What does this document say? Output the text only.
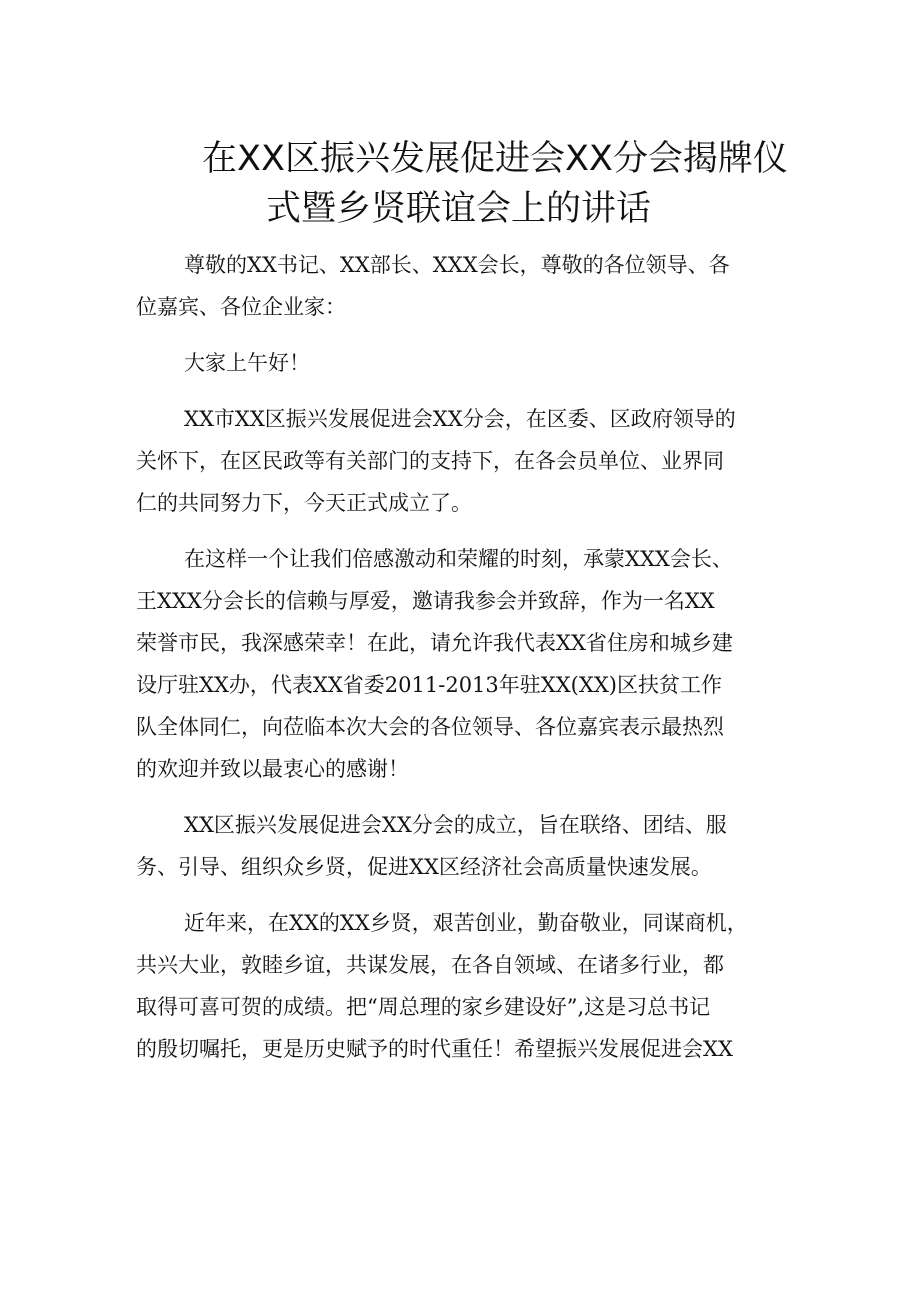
在XX区振兴发展促进会XX分会揭牌仪
式暨乡贤联谊会上的讲话
尊敬的XX书记、XX部长、XXX会长，尊敬的各位领导、各
位嘉宾、各位企业家：
大家上午好！
XX市XX区振兴发展促进会XX分会，在区委、区政府领导的
关怀下，在区民政等有关部门的支持下，在各会员单位、业界同
仁的共同努力下，今天正式成立了。
在这样一个让我们倍感激动和荣耀的时刻，承蒙XXX会长、
王XXX分会长的信赖与厚爱，邀请我参会并致辞，作为一名XX
荣誉市民，我深感荣幸！在此，请允许我代表XX省住房和城乡建
设厅驻XX办，代表XX省委2011-2013年驻XX(XX)区扶贫工作
队全体同仁，向莅临本次大会的各位领导、各位嘉宾表示最热烈
的欢迎并致以最衷心的感谢！
XX区振兴发展促进会XX分会的成立，旨在联络、团结、服
务、引导、组织众乡贤，促进XX区经济社会高质量快速发展。
近年来，在XX的XX乡贤，艰苦创业，勤奋敬业，同谋商机，
共兴大业，敦睦乡谊，共谋发展，在各自领域、在诸多行业，都
取得可喜可贺的成绩。把“周总理的家乡建设好”,这是习总书记
的殷切嘱托，更是历史赋予的时代重任！希望振兴发展促进会XX
